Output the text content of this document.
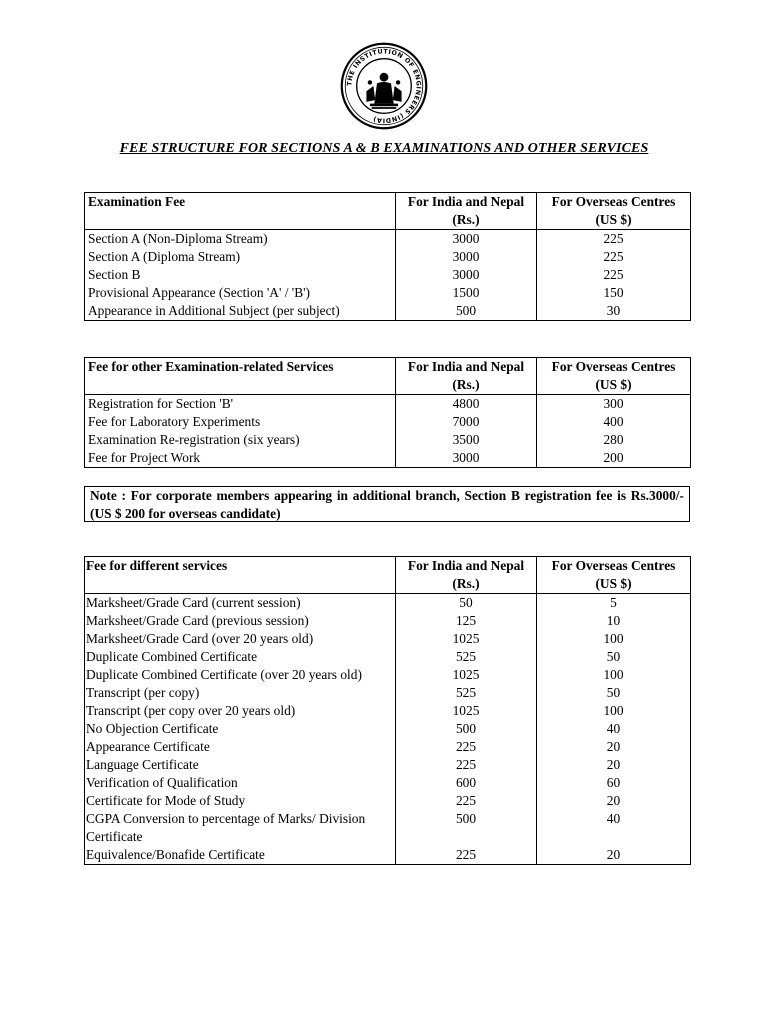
THE INSTITUTION OF ENGINEERS (INDIA)
FEE STRUCTURE FOR SECTIONS A & B EXAMINATIONS AND OTHER SERVICES
Examination Fee	For India and Nepal (Rs.)	For Overseas Centres (US $)
Section A (Non-Diploma Stream)	3000	225
Section A (Diploma Stream)	3000	225
Section B	3000	225
Provisional Appearance (Section 'A' / 'B')	1500	150
Appearance in Additional Subject (per subject)	500	30
Fee for other Examination-related Services	For India and Nepal (Rs.)	For Overseas Centres (US $)
Registration for Section 'B'	4800	300
Fee for Laboratory Experiments	7000	400
Examination Re-registration (six years)	3500	280
Fee for Project Work	3000	200
Note : For corporate members appearing in additional branch, Section B registration fee is Rs.3000/- (US $ 200 for overseas candidate)
Fee for different services	For India and Nepal (Rs.)	For Overseas Centres (US $)
Marksheet/Grade Card (current session)	50	5
Marksheet/Grade Card (previous session)	125	10
Marksheet/Grade Card (over 20 years old)	1025	100
Duplicate Combined Certificate	525	50
Duplicate Combined Certificate (over 20 years old)	1025	100
Transcript (per copy)	525	50
Transcript (per copy over 20 years old)	1025	100
No Objection Certificate	500	40
Appearance Certificate	225	20
Language Certificate	225	20
Verification of Qualification	600	60
Certificate for Mode of Study	225	20
CGPA Conversion to percentage of Marks/ Division Certificate	500	40
Equivalence/Bonafide Certificate	225	20
